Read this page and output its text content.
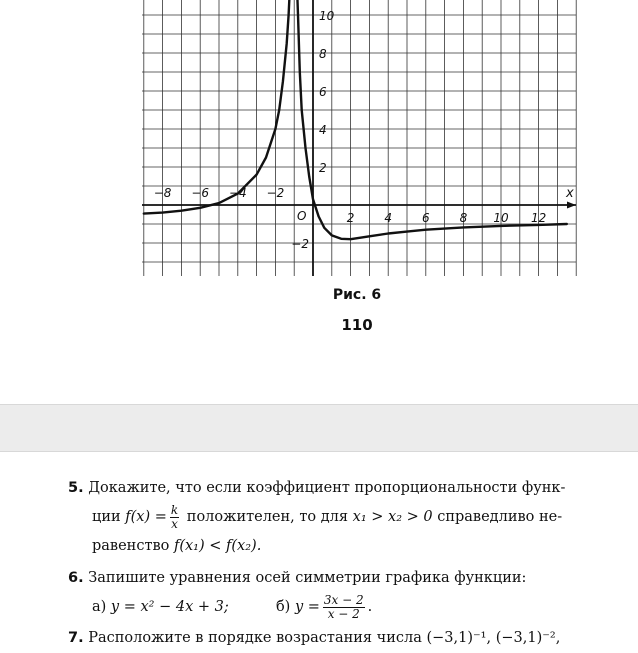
−8 −6 −4 −2
2 4 6 8 10 12
10
8
6
4
2
−2
O
x
Рис. 6
110
5. Докажите, что если коэффициент пропорциональности функ-
ции $f(x) = \frac{k}{x}$ положителен, то для x₁ > x₂ > 0 справедливо не-
равенство f(x₁) < f(x₂).
6. Запишите уравнения осей симметрии графика функции:
а) y = x² − 4x + 3;	б) $y = \frac{3x - 2}{x - 2}$ .
7. Расположите в порядке возрастания числа (−3,1)⁻¹, (−3,1)⁻²,
